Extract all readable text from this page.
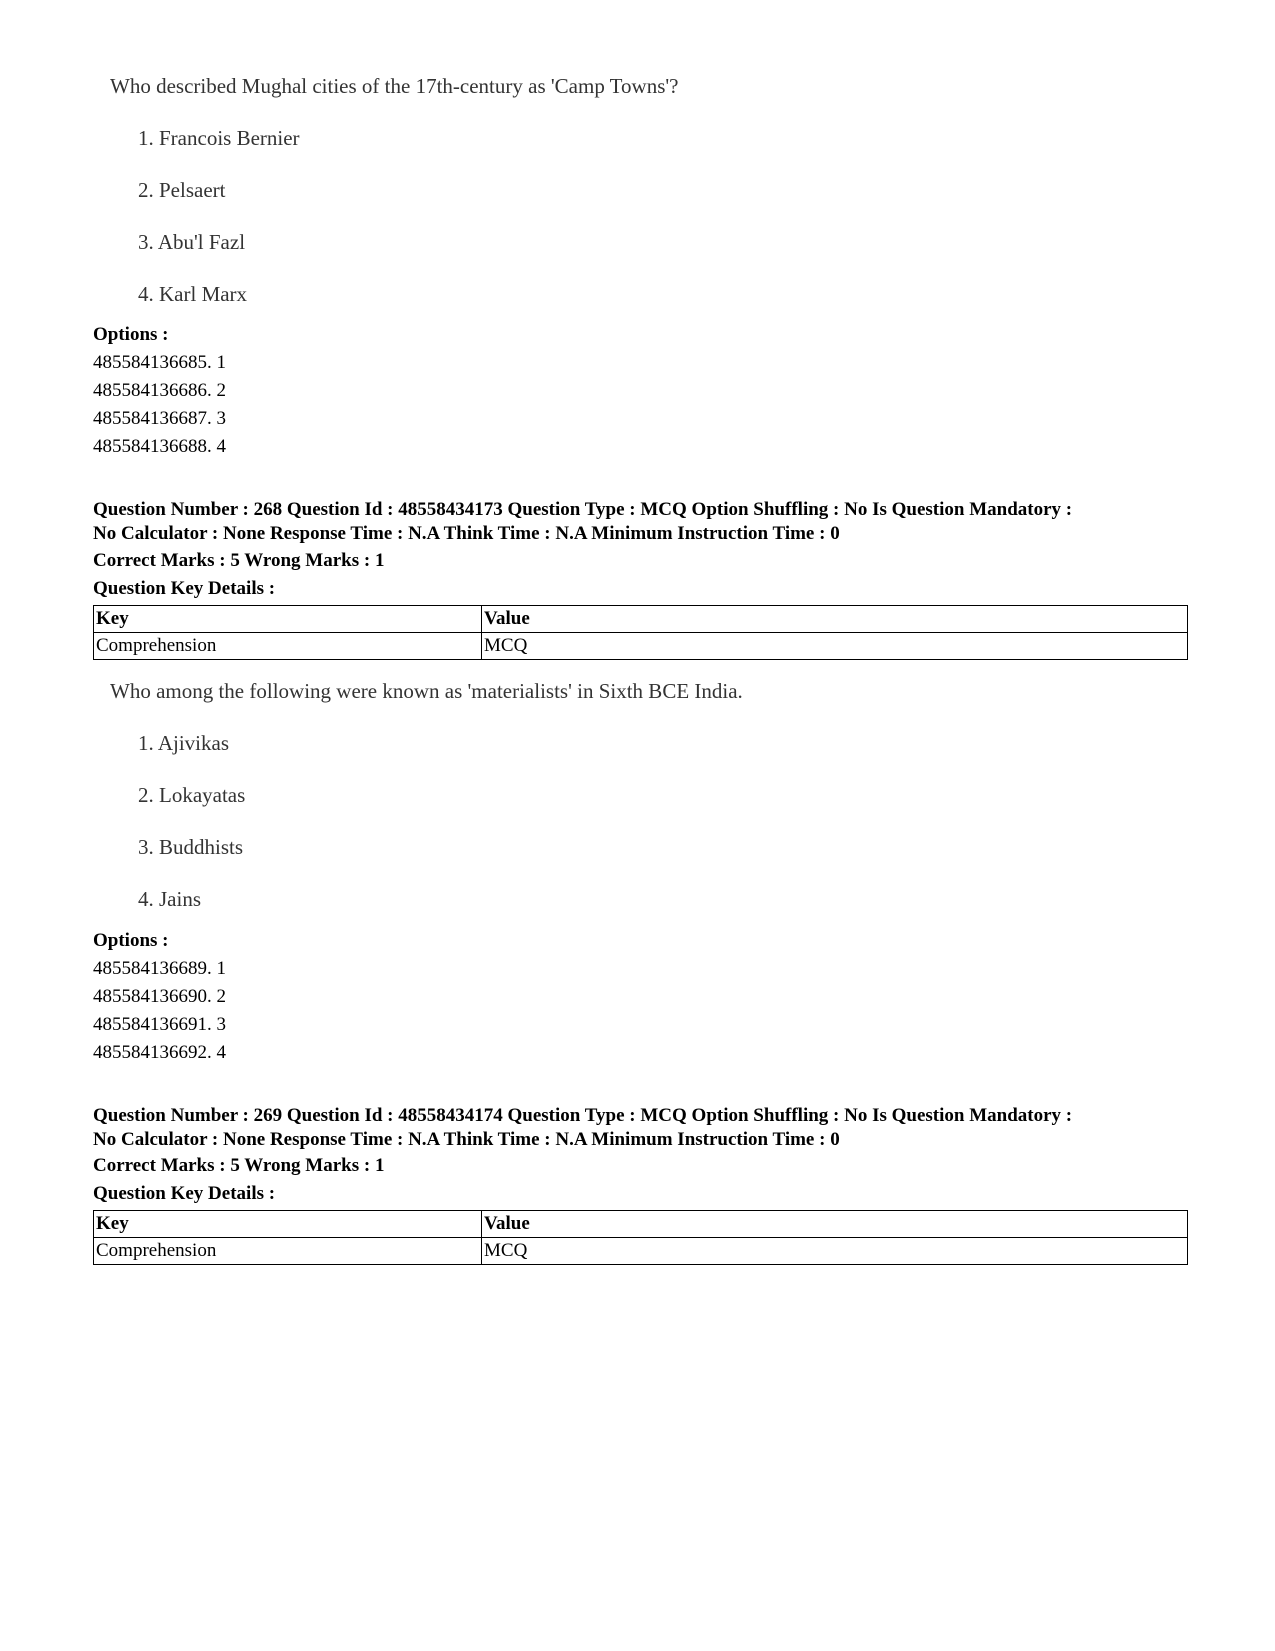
Who described Mughal cities of the 17th-century as 'Camp Towns'?
1. Francois Bernier
2. Pelsaert
3. Abu'l Fazl
4. Karl Marx
Options :
485584136685. 1
485584136686. 2
485584136687. 3
485584136688. 4
Question Number : 268 Question Id : 48558434173 Question Type : MCQ Option Shuffling : No Is Question Mandatory :
No Calculator : None Response Time : N.A Think Time : N.A Minimum Instruction Time : 0
Correct Marks : 5 Wrong Marks : 1
Question Key Details :
Key	Value
Comprehension	MCQ
Who among the following were known as 'materialists' in Sixth BCE India.
1. Ajivikas
2. Lokayatas
3. Buddhists
4. Jains
Options :
485584136689. 1
485584136690. 2
485584136691. 3
485584136692. 4
Question Number : 269 Question Id : 48558434174 Question Type : MCQ Option Shuffling : No Is Question Mandatory :
No Calculator : None Response Time : N.A Think Time : N.A Minimum Instruction Time : 0
Correct Marks : 5 Wrong Marks : 1
Question Key Details :
Key	Value
Comprehension	MCQ
